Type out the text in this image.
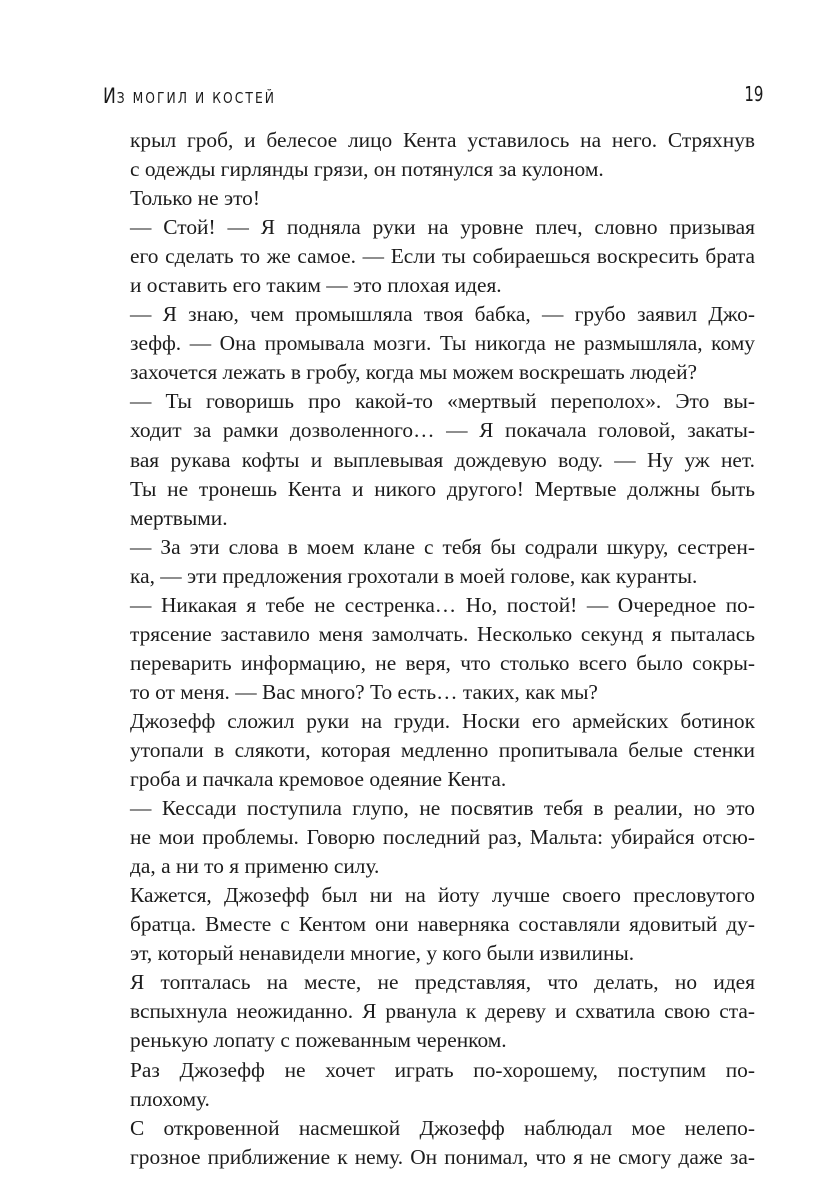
ИЗ МОГИЛ И КОСТЕЙ	19
крыл гроб, и белесое лицо Кента уставилось на него. Стряхнув
с одежды гирлянды грязи, он потянулся за кулоном.
Только не это!
— Стой! — Я подняла руки на уровне плеч, словно призывая
его сделать то же самое. — Если ты собираешься воскресить брата
и оставить его таким — это плохая идея.
— Я знаю, чем промышляла твоя бабка, — грубо заявил Джо-
зефф. — Она промывала мозги. Ты никогда не размышляла, кому
захочется лежать в гробу, когда мы можем воскрешать людей?
— Ты говоришь про какой-то «мертвый переполох». Это вы-
ходит за рамки дозволенного… — Я покачала головой, закаты-
вая рукава кофты и выплевывая дождевую воду. — Ну уж нет.
Ты не тронешь Кента и никого другого! Мертвые должны быть
мертвыми.
— За эти слова в моем клане с тебя бы содрали шкуру, сестрен-
ка, — эти предложения грохотали в моей голове, как куранты.
— Никакая я тебе не сестренка… Но, постой! — Очередное по-
трясение заставило меня замолчать. Несколько секунд я пыталась
переварить информацию, не веря, что столько всего было сокры-
то от меня. — Вас много? То есть… таких, как мы?
Джозефф сложил руки на груди. Носки его армейских ботинок
утопали в слякоти, которая медленно пропитывала белые стенки
гроба и пачкала кремовое одеяние Кента.
— Кессади поступила глупо, не посвятив тебя в реалии, но это
не мои проблемы. Говорю последний раз, Мальта: убирайся отсю-
да, а ни то я применю силу.
Кажется, Джозефф был ни на йоту лучше своего пресловутого
братца. Вместе с Кентом они наверняка составляли ядовитый ду-
эт, который ненавидели многие, у кого были извилины.
Я топталась на месте, не представляя, что делать, но идея
вспыхнула неожиданно. Я рванула к дереву и схватила свою ста-
ренькую лопату с пожеванным черенком.
Раз Джозефф не хочет играть по-хорошему, поступим по-
плохому.
С откровенной насмешкой Джозефф наблюдал мое нелепо-
грозное приближение к нему. Он понимал, что я не смогу даже за-
